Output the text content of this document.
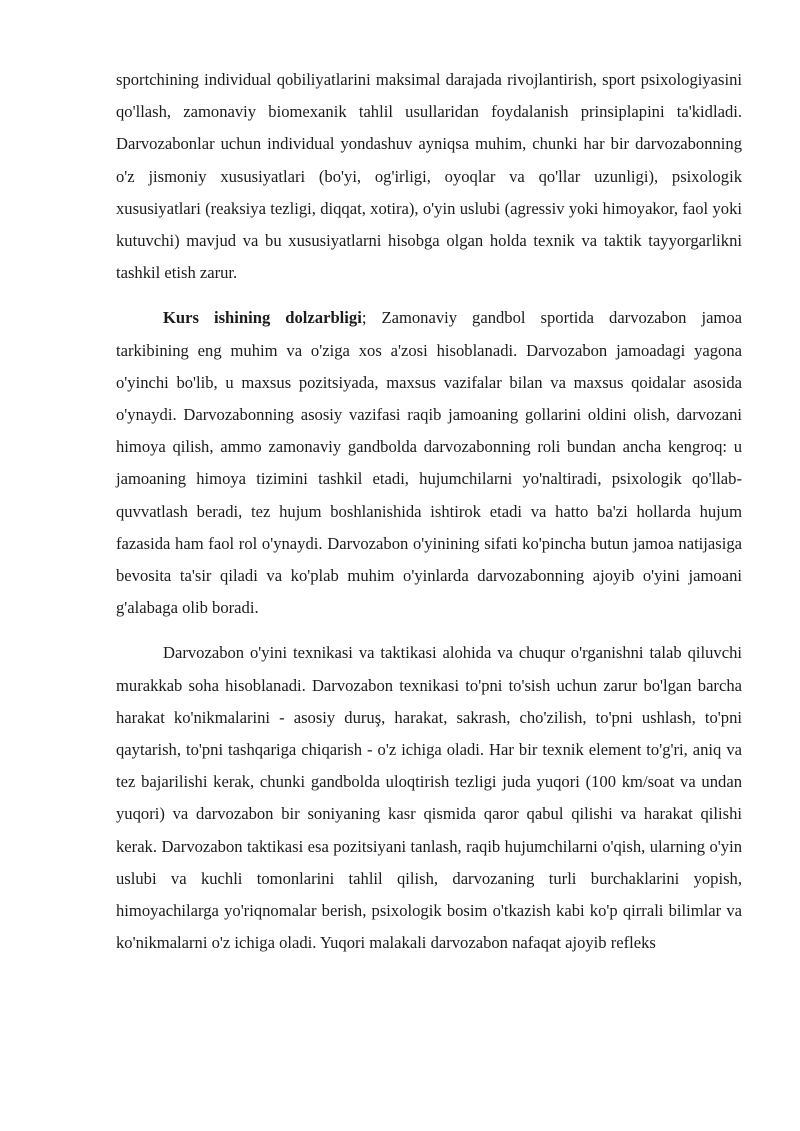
sportchining individual qobiliyatlarini maksimal darajada rivojlantirish, sport psixologiyasini qo'llash, zamonaviy biomexanik tahlil usullaridan foydalanish prinsiplapini ta'kidladi. Darvozabonlar uchun individual yondashuv ayniqsa muhim, chunki har bir darvozabonning o'z jismoniy xususiyatlari (bo'yi, og'irligi, oyoqlar va qo'llar uzunligi), psixologik xususiyatlari (reaksiya tezligi, diqqat, xotira), o'yin uslubi (agressiv yoki himoyakor, faol yoki kutuvchi) mavjud va bu xususiyatlarni hisobga olgan holda texnik va taktik tayyorgarlikni tashkil etish zarur.

Kurs ishining dolzarbligi; Zamonaviy gandbol sportida darvozabon jamoa tarkibining eng muhim va o'ziga xos a'zosi hisoblanadi. Darvozabon jamoadagi yagona o'yinchi bo'lib, u maxsus pozitsiyada, maxsus vazifalar bilan va maxsus qoidalar asosida o'ynaydi. Darvozabonning asosiy vazifasi raqib jamoaning gollarini oldini olish, darvozani himoya qilish, ammo zamonaviy gandbolda darvozabonning roli bundan ancha kengroq: u jamoaning himoya tizimini tashkil etadi, hujumchilarni yo'naltiradi, psixologik qo'llab-quvvatlash beradi, tez hujum boshlanishida ishtirok etadi va hatto ba'zi hollarda hujum fazasida ham faol rol o'ynaydi. Darvozabon o'yinining sifati ko'pincha butun jamoa natijasiga bevosita ta'sir qiladi va ko'plab muhim o'yinlarda darvozabonning ajoyib o'yini jamoani g'alabaga olib boradi.

Darvozabon o'yini texnikasi va taktikasi alohida va chuqur o'rganishni talab qiluvchi murakkab soha hisoblanadi. Darvozabon texnikasi to'pni to'sish uchun zarur bo'lgan barcha harakat ko'nikmalarini - asosiy duruş, harakat, sakrash, cho'zilish, to'pni ushlash, to'pni qaytarish, to'pni tashqariga chiqarish - o'z ichiga oladi. Har bir texnik element to'g'ri, aniq va tez bajarilishi kerak, chunki gandbolda uloqtirish tezligi juda yuqori (100 km/soat va undan yuqori) va darvozabon bir soniyaning kasr qismida qaror qabul qilishi va harakat qilishi kerak. Darvozabon taktikasi esa pozitsiyani tanlash, raqib hujumchilarni o'qish, ularning o'yin uslubi va kuchli tomonlarini tahlil qilish, darvozaning turli burchaklarini yopish, himoyachilarga yo'riqnomalar berish, psixologik bosim o'tkazish kabi ko'p qirrali bilimlar va ko'nikmalarni o'z ichiga oladi. Yuqori malakali darvozabon nafaqat ajoyib refleks
